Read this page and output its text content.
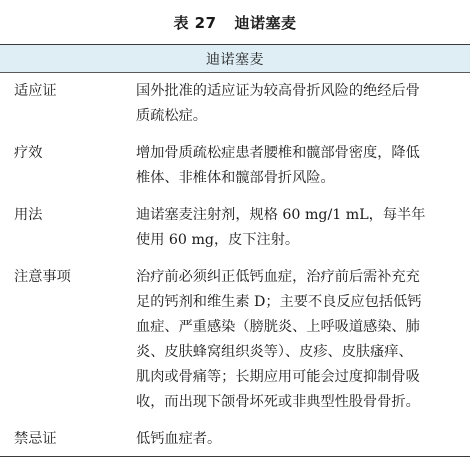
表 27 迪诺塞麦
迪诺塞麦
适应证	国外批准的适应证为较高骨折风险的绝经后骨
质疏松症。
疗效	增加骨质疏松症患者腰椎和髋部骨密度，降低
椎体、非椎体和髋部骨折风险。
用法	迪诺塞麦注射剂，规格 60 mg/1 mL，每半年
使用 60 mg，皮下注射。
注意事项	治疗前必须纠正低钙血症，治疗前后需补充充
足的钙剂和维生素 D；主要不良反应包括低钙
血症、严重感染（膀胱炎、上呼吸道感染、肺
炎、皮肤蜂窝组织炎等）、皮疹、皮肤瘙痒、
肌肉或骨痛等；长期应用可能会过度抑制骨吸
收，而出现下颌骨坏死或非典型性股骨骨折。
禁忌证	低钙血症者。
